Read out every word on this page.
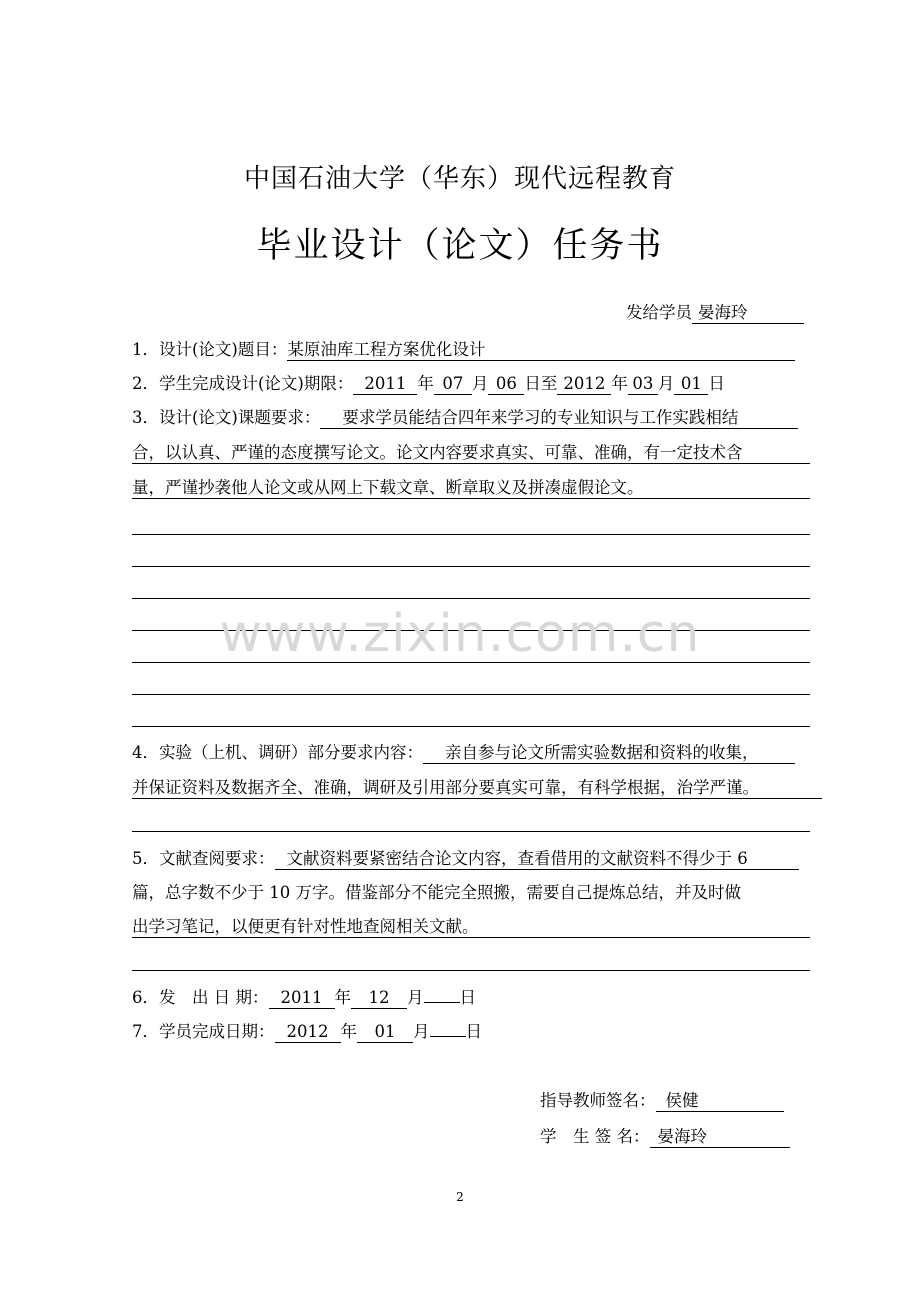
中国石油大学（华东）现代远程教育
毕业设计（论文）任务书
发给学员 晏海玲
1．设计(论文)题目：某原油库工程方案优化设计
2．学生完成设计(论文)期限： 2011 年 07 月 06 日至 2012 年 03 月 01 日
3．设计(论文)课题要求： 要求学员能结合四年来学习的专业知识与工作实践相结
合，以认真、严谨的态度撰写论文。论文内容要求真实、可靠、准确，有一定技术含
量，严谨抄袭他人论文或从网上下载文章、断章取义及拼凑虚假论文。
www.zixin.com.cn
4．实验（上机、调研）部分要求内容： 亲自参与论文所需实验数据和资料的收集，
并保证资料及数据齐全、准确，调研及引用部分要真实可靠，有科学根据，治学严谨。
5．文献查阅要求： 文献资料要紧密结合论文内容，查看借用的文献资料不得少于 6
篇，总字数不少于 10 万字。借鉴部分不能完全照搬，需要自己提炼总结，并及时做
出学习笔记，以便更有针对性地查阅相关文献。
6．发　出 日 期： 2011 年 12 月 日
7．学员完成日期： 2012 年 01 月 日
指导教师签名： 侯健
学　生 签 名： 晏海玲
2
